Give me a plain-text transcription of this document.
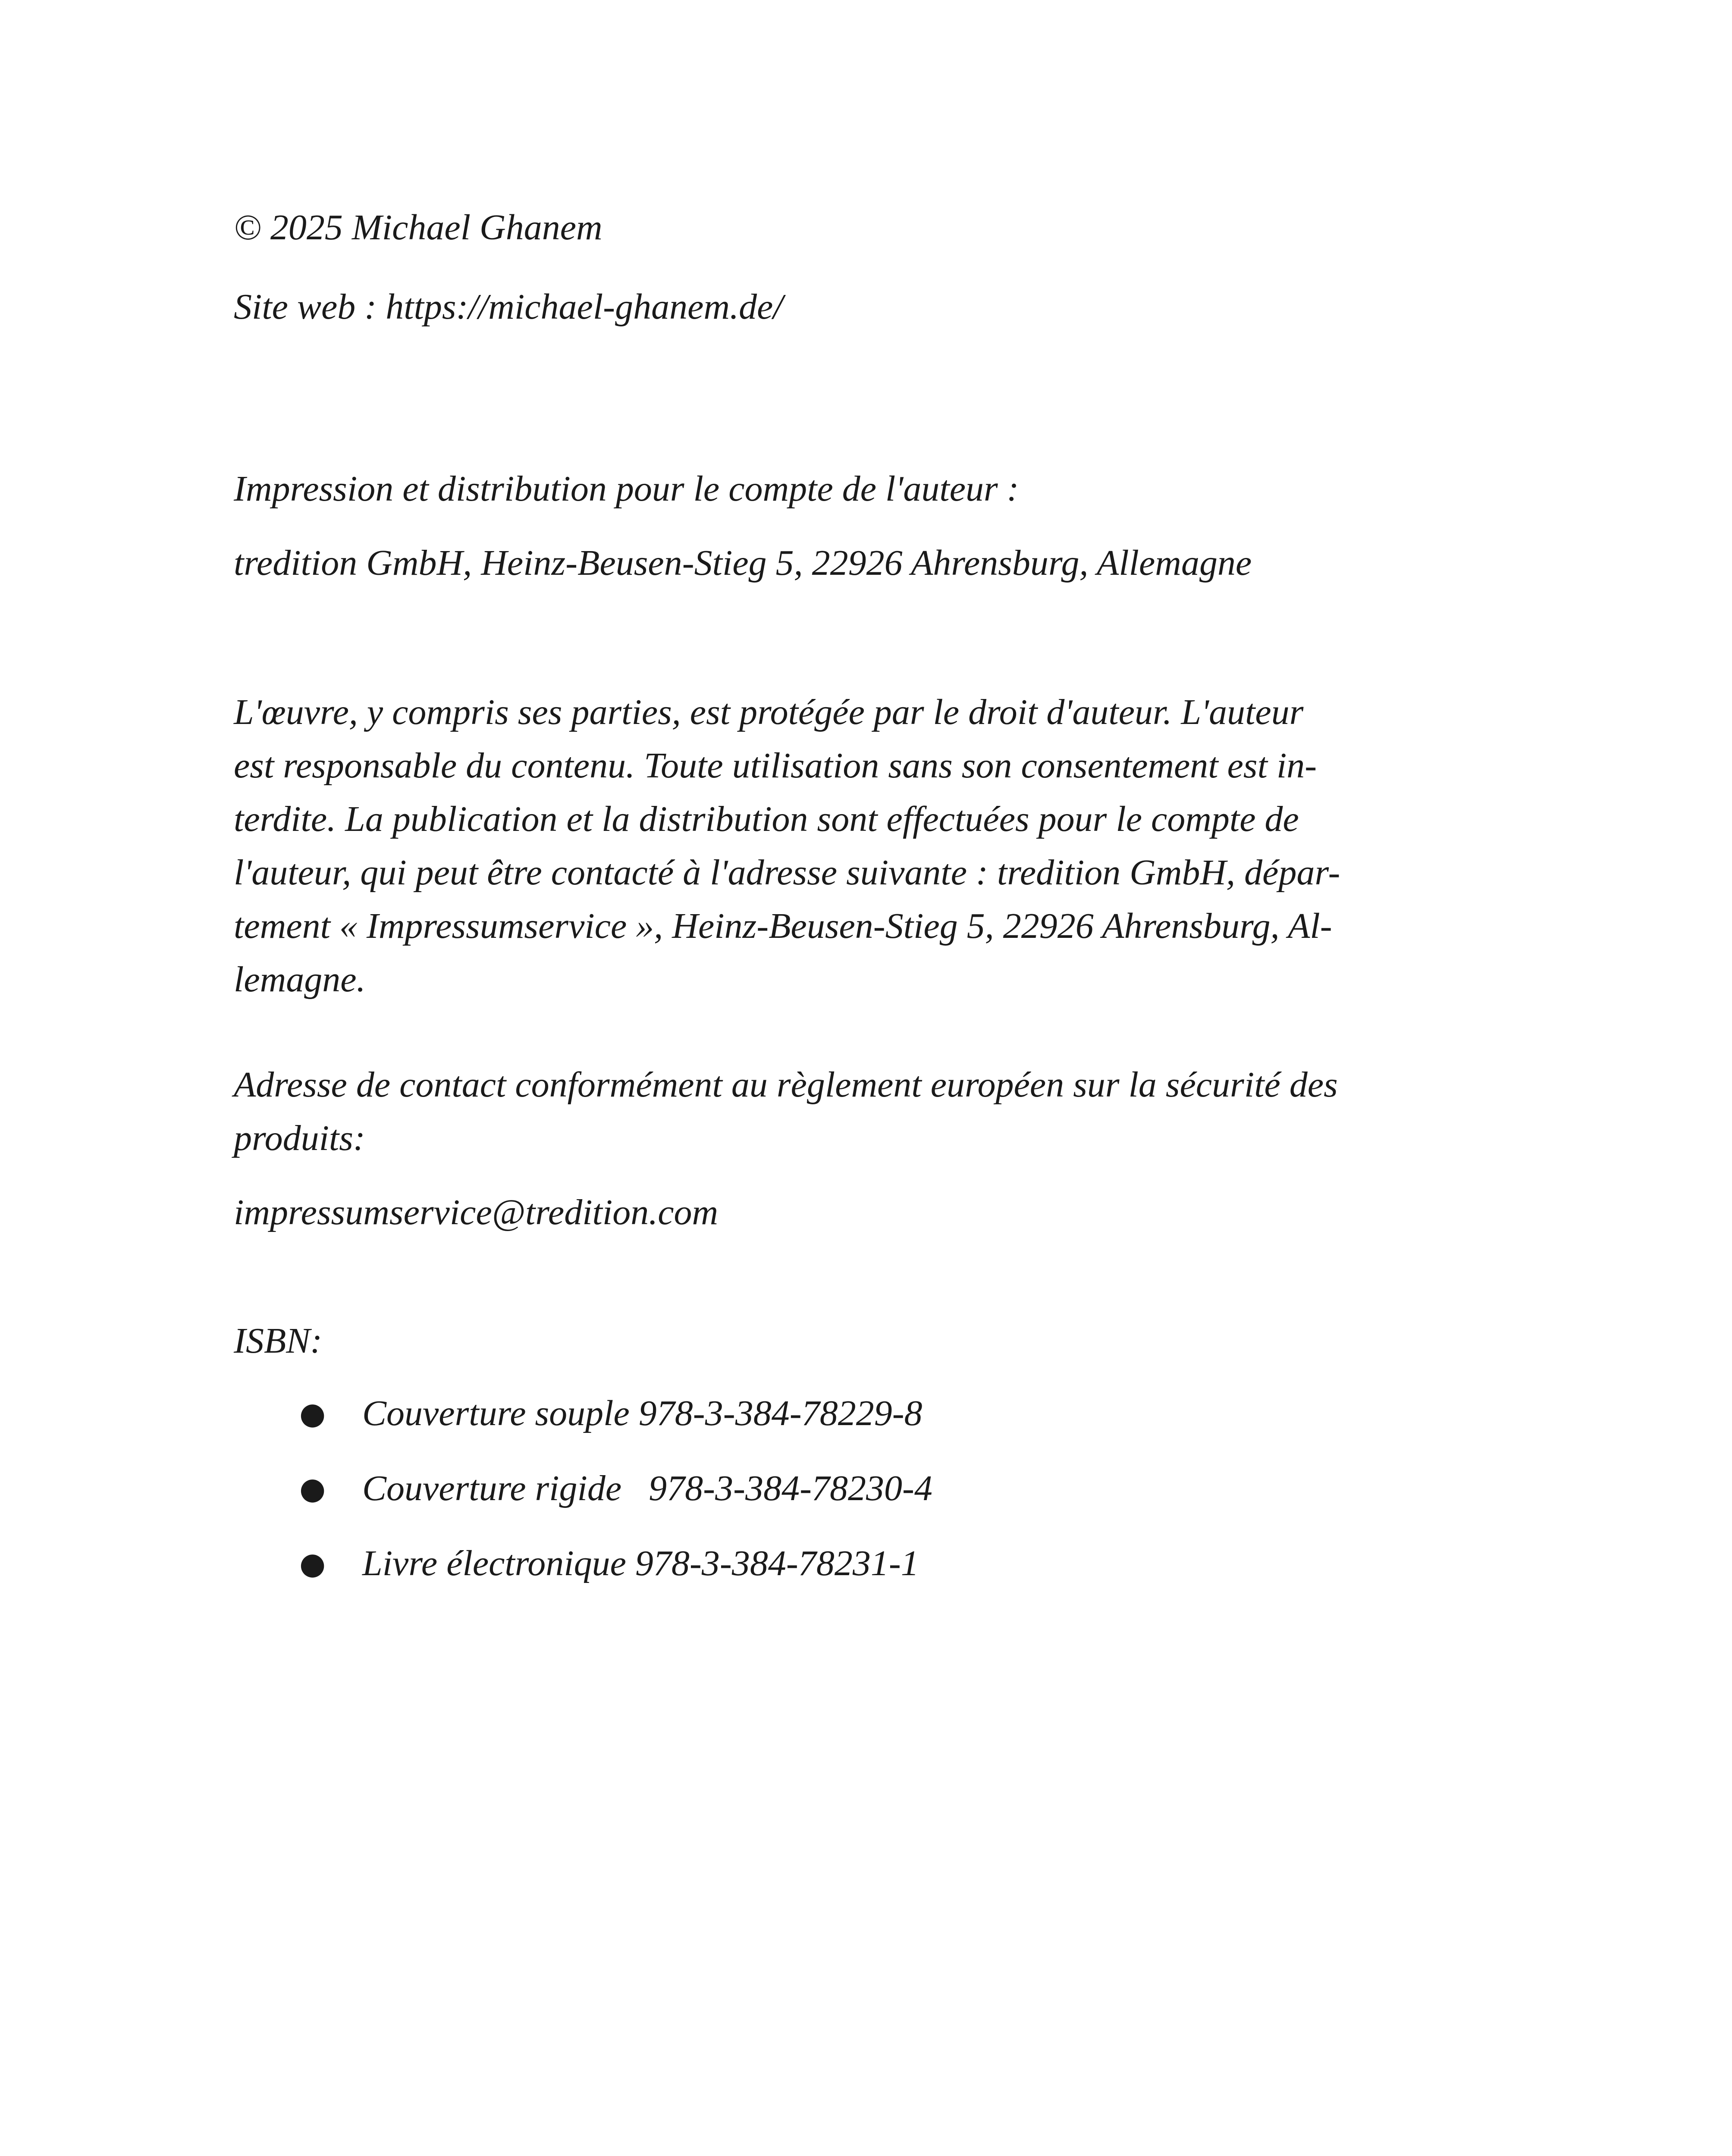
© 2025 Michael Ghanem
Site web : https://michael-ghanem.de/
Impression et distribution pour le compte de l'auteur :
tredition GmbH, Heinz-Beusen-Stieg 5, 22926 Ahrensburg, Allemagne
L'œuvre, y compris ses parties, est protégée par le droit d'auteur. L'auteur
est responsable du contenu. Toute utilisation sans son consentement est in-
terdite. La publication et la distribution sont effectuées pour le compte de
l'auteur, qui peut être contacté à l'adresse suivante : tredition GmbH, dépar-
tement « Impressumservice », Heinz-Beusen-Stieg 5, 22926 Ahrensburg, Al-
lemagne.
Adresse de contact conformément au règlement européen sur la sécurité des
produits:
impressumservice@tredition.com
ISBN:
● Couverture souple 978-3-384-78229-8
● Couverture rigide   978-3-384-78230-4
● Livre électronique 978-3-384-78231-1
